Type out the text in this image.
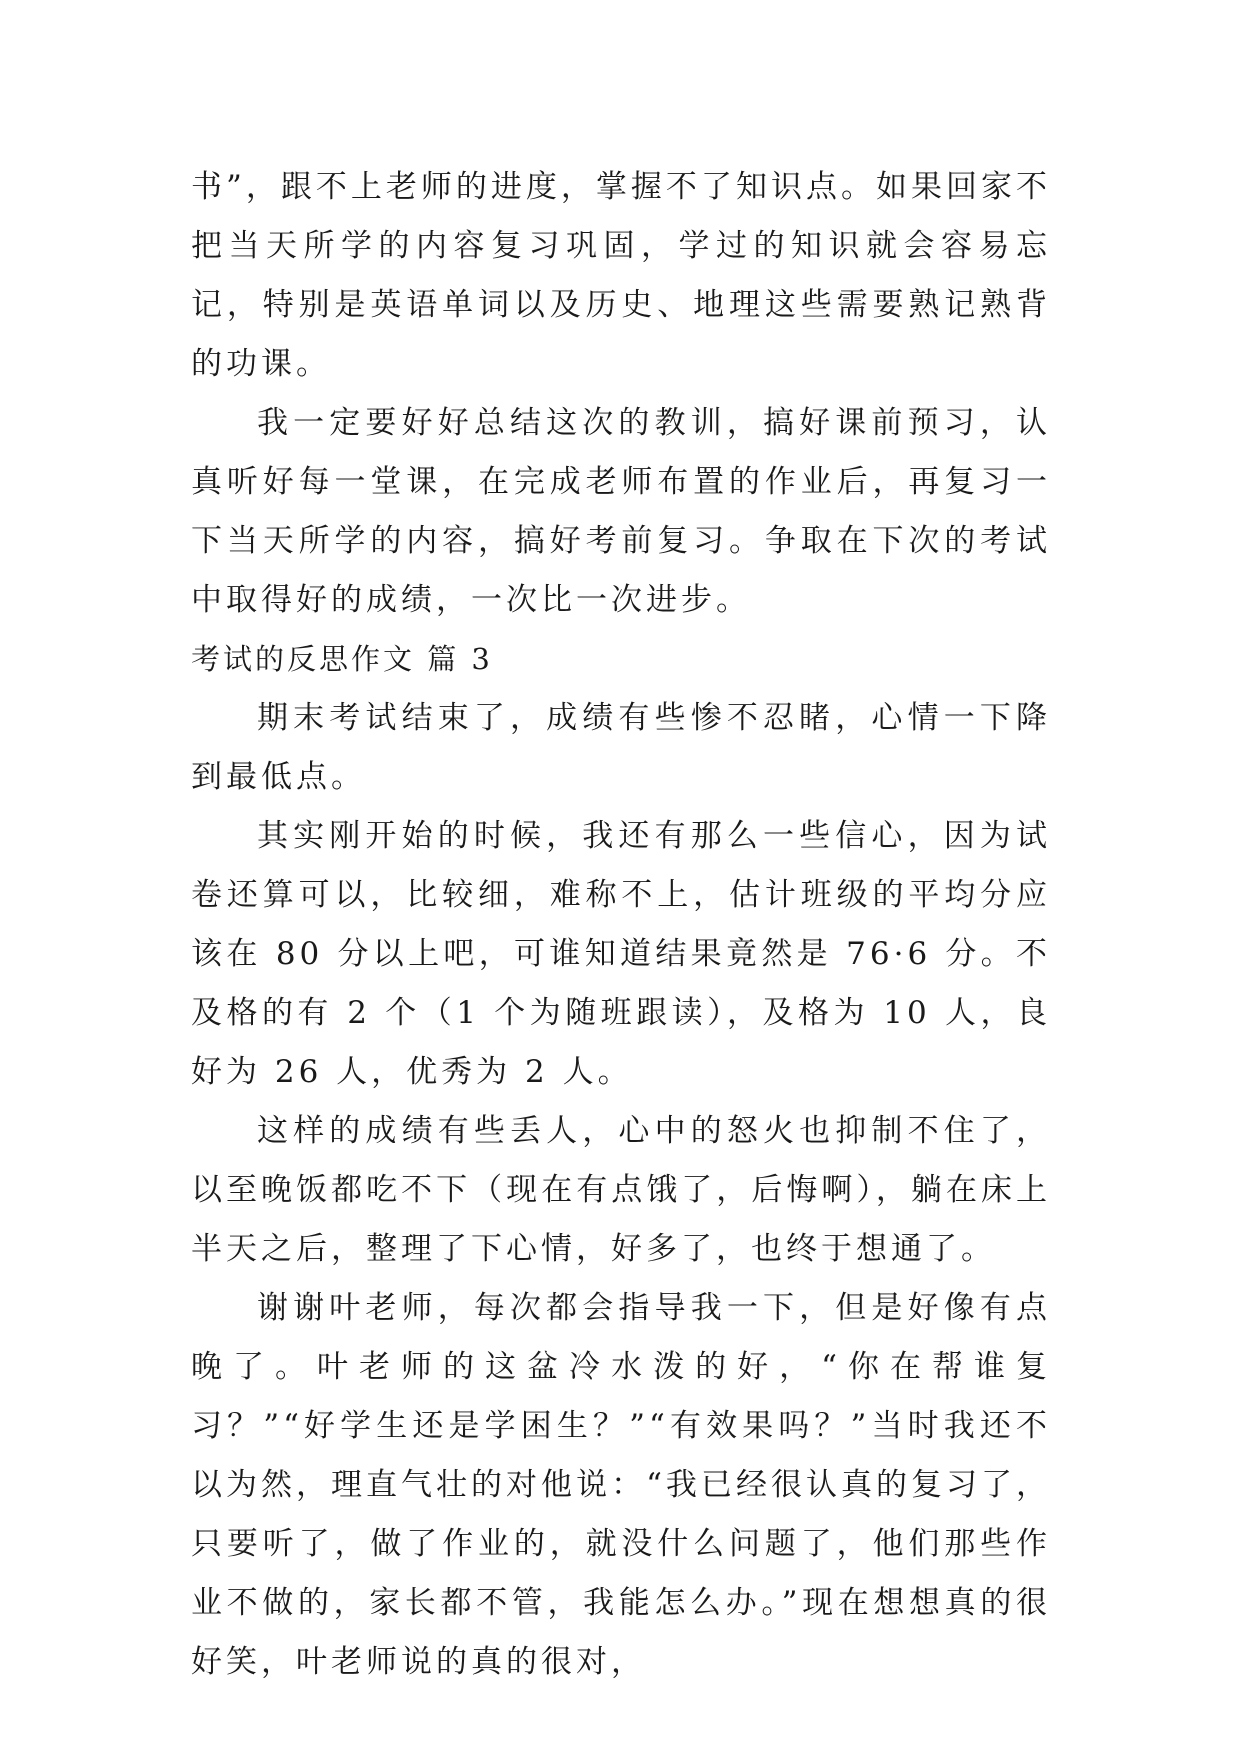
书”，跟不上老师的进度，掌握不了知识点。如果回家不把当天所学的内容复习巩固，学过的知识就会容易忘记，特别是英语单词以及历史、地理这些需要熟记熟背的功课。

我一定要好好总结这次的教训，搞好课前预习，认真听好每一堂课，在完成老师布置的作业后，再复习一下当天所学的内容，搞好考前复习。争取在下次的考试中取得好的成绩，一次比一次进步。

考试的反思作文 篇 3

期末考试结束了，成绩有些惨不忍睹，心情一下降到最低点。

其实刚开始的时候，我还有那么一些信心，因为试卷还算可以，比较细，难称不上，估计班级的平均分应该在 80 分以上吧，可谁知道结果竟然是 76·6 分。不及格的有 2 个（1 个为随班跟读），及格为 10 人，良好为 26 人，优秀为 2 人。

这样的成绩有些丢人，心中的怒火也抑制不住了，以至晚饭都吃不下（现在有点饿了，后悔啊），躺在床上半天之后，整理了下心情，好多了，也终于想通了。

谢谢叶老师，每次都会指导我一下，但是好像有点晚了。叶老师的这盆冷水泼的好，“你在帮谁复习？”“好学生还是学困生？”“有效果吗？”当时我还不以为然，理直气壮的对他说：“我已经很认真的复习了，只要听了，做了作业的，就没什么问题了，他们那些作业不做的，家长都不管，我能怎么办。”现在想想真的很好笑，叶老师说的真的很对，
